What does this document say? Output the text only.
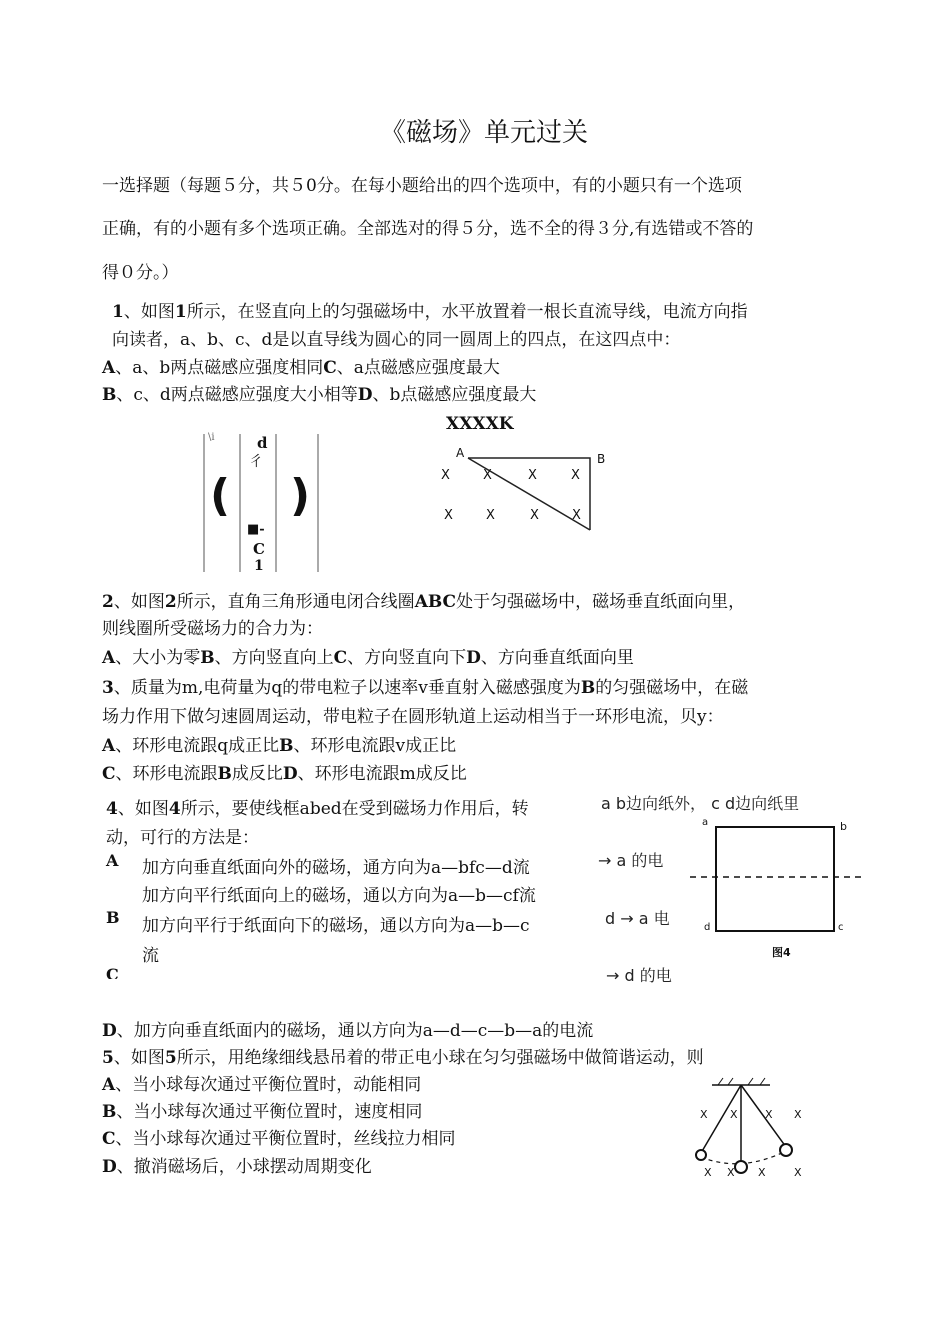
《磁场》单元过关
一选择题（每题５分，共５0分。在每小题给出的四个选项中，有的小题只有一个选项
正确，有的小题有多个选项正确。全部选对的得５分，选不全的得３分,有选错或不答的
得０分。）
1、如图1所示，在竖直向上的匀强磁场中，水平放置着一根长直流导线，电流方向指
向读者，a、b、c、d是以直导线为圆心的同一圆周上的四点，在这四点中：
A、a、b两点磁感应强度相同C、a点磁感应强度最大
B、c、d两点磁感应强度大小相等D、b点磁感应强度最大
\i	d
彳
( )
■-
C
1
XXXXK
A	B
X	X	X	X
X	X	X	X
2、如图2所示，直角三角形通电闭合线圈ABC处于匀强磁场中，磁场垂直纸面向里，
则线圈所受磁场力的合力为：
A、大小为零B、方向竖直向上C、方向竖直向下D、方向垂直纸面向里
3、质量为m,电荷量为q的带电粒子以速率v垂直射入磁感强度为B的匀强磁场中，在磁
场力作用下做匀速圆周运动，带电粒子在圆形轨道上运动相当于一环形电流，贝y：
A、环形电流跟q成正比B、环形电流跟v成正比
C、环形电流跟B成反比D、环形电流跟m成反比
4、如图4所示，要使线框abed在受到磁场力作用后，转
动，可行的方法是：
a b边向纸外， c d边向纸里
A 加方向垂直纸面向外的磁场，通方向为a—bfc—d流	→ a 的电
B
加方向平行纸面向上的磁场，通以方向为a—b—cf流
d → a 电
加方向平行于纸面向下的磁场，通以方向为a—b—c
流
C	→ d 的电
D、加方向垂直纸面内的磁场，通以方向为a—d—c—b—a的电流
a	b
d	c
图4
5、如图5所示，用绝缘细线悬吊着的带正电小球在匀匀强磁场中做简谐运动，则
A、当小球每次通过平衡位置时，动能相同
B、当小球每次通过平衡位置时，速度相同
C、当小球每次通过平衡位置时，丝线拉力相同
D、撤消磁场后，小球摆动周期变化
X X X X
X X X	X
